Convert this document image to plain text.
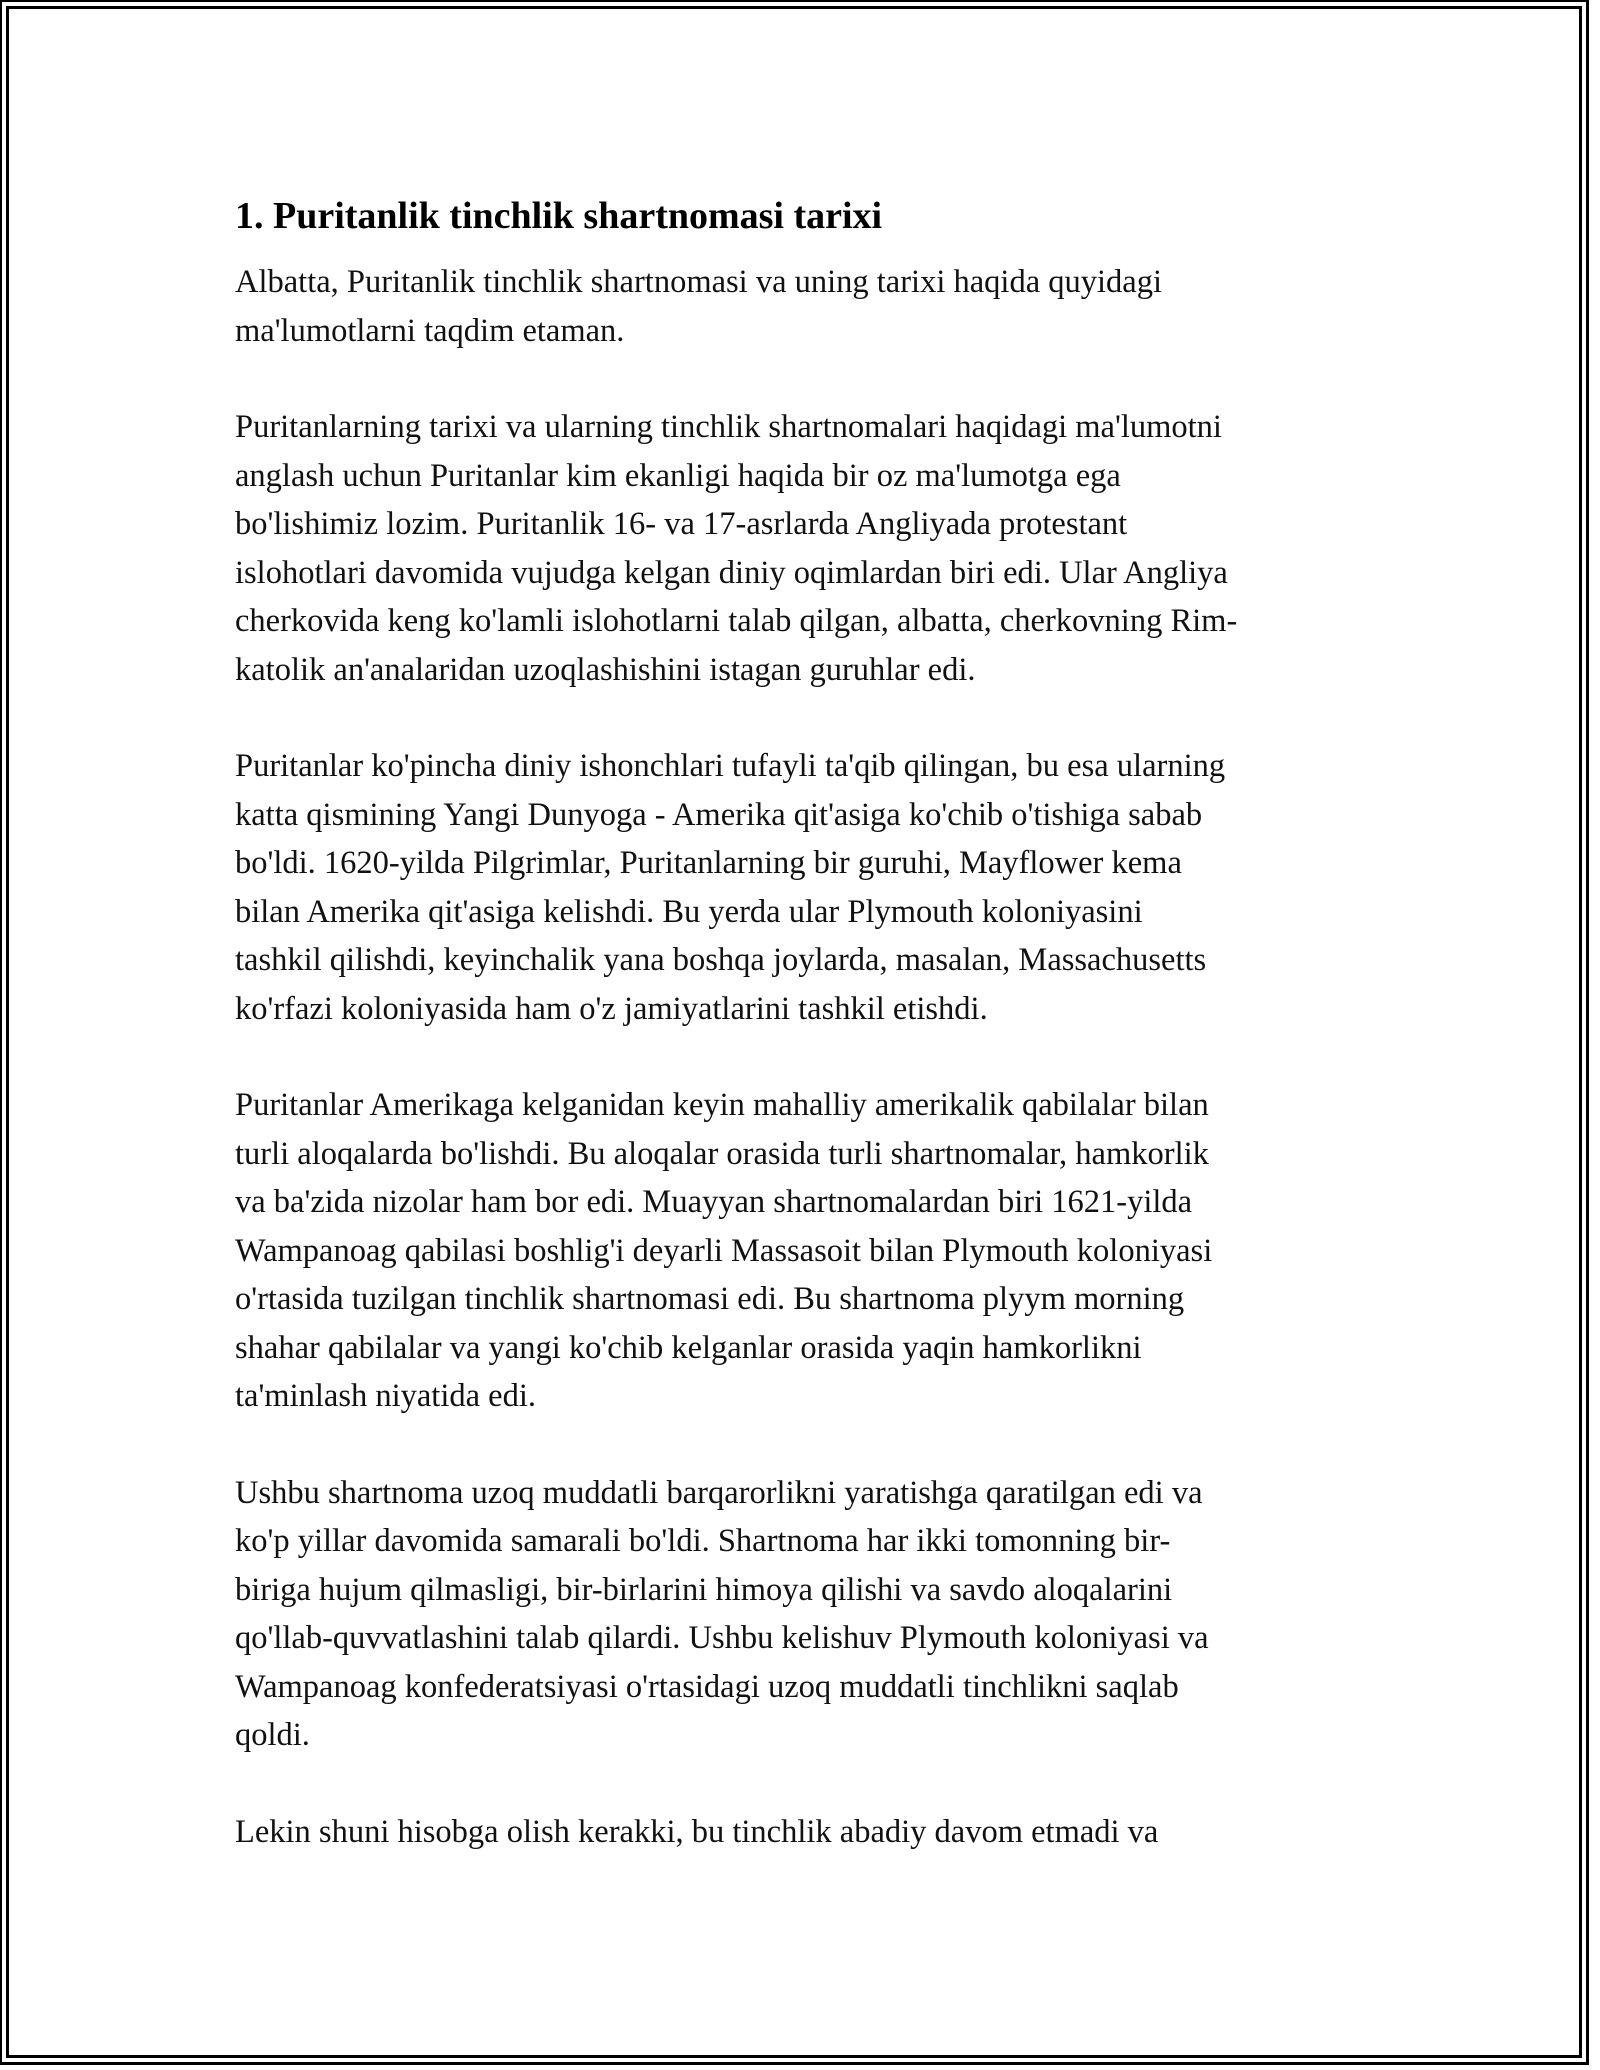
1. Puritanlik tinchlik shartnomasi tarixi

Albatta, Puritanlik tinchlik shartnomasi va uning tarixi haqida quyidagi
ma'lumotlarni taqdim etaman.

Puritanlarning tarixi va ularning tinchlik shartnomalari haqidagi ma'lumotni
anglash uchun Puritanlar kim ekanligi haqida bir oz ma'lumotga ega
bo'lishimiz lozim. Puritanlik 16- va 17-asrlarda Angliyada protestant
islohotlari davomida vujudga kelgan diniy oqimlardan biri edi. Ular Angliya
cherkovida keng ko'lamli islohotlarni talab qilgan, albatta, cherkovning Rim-
katolik an'analaridan uzoqlashishini istagan guruhlar edi.

Puritanlar ko'pincha diniy ishonchlari tufayli ta'qib qilingan, bu esa ularning
katta qismining Yangi Dunyoga - Amerika qit'asiga ko'chib o'tishiga sabab
bo'ldi. 1620-yilda Pilgrimlar, Puritanlarning bir guruhi, Mayflower kema
bilan Amerika qit'asiga kelishdi. Bu yerda ular Plymouth koloniyasini
tashkil qilishdi, keyinchalik yana boshqa joylarda, masalan, Massachusetts
ko'rfazi koloniyasida ham o'z jamiyatlarini tashkil etishdi.

Puritanlar Amerikaga kelganidan keyin mahalliy amerikalik qabilalar bilan
turli aloqalarda bo'lishdi. Bu aloqalar orasida turli shartnomalar, hamkorlik
va ba'zida nizolar ham bor edi. Muayyan shartnomalardan biri 1621-yilda
Wampanoag qabilasi boshlig'i deyarli Massasoit bilan Plymouth koloniyasi
o'rtasida tuzilgan tinchlik shartnomasi edi. Bu shartnoma plyym morning
shahar qabilalar va yangi ko'chib kelganlar orasida yaqin hamkorlikni
ta'minlash niyatida edi.

Ushbu shartnoma uzoq muddatli barqarorlikni yaratishga qaratilgan edi va
ko'p yillar davomida samarali bo'ldi. Shartnoma har ikki tomonning bir-
biriga hujum qilmasligi, bir-birlarini himoya qilishi va savdo aloqalarini
qo'llab-quvvatlashini talab qilardi. Ushbu kelishuv Plymouth koloniyasi va
Wampanoag konfederatsiyasi o'rtasidagi uzoq muddatli tinchlikni saqlab
qoldi.

Lekin shuni hisobga olish kerakki, bu tinchlik abadiy davom etmadi va
